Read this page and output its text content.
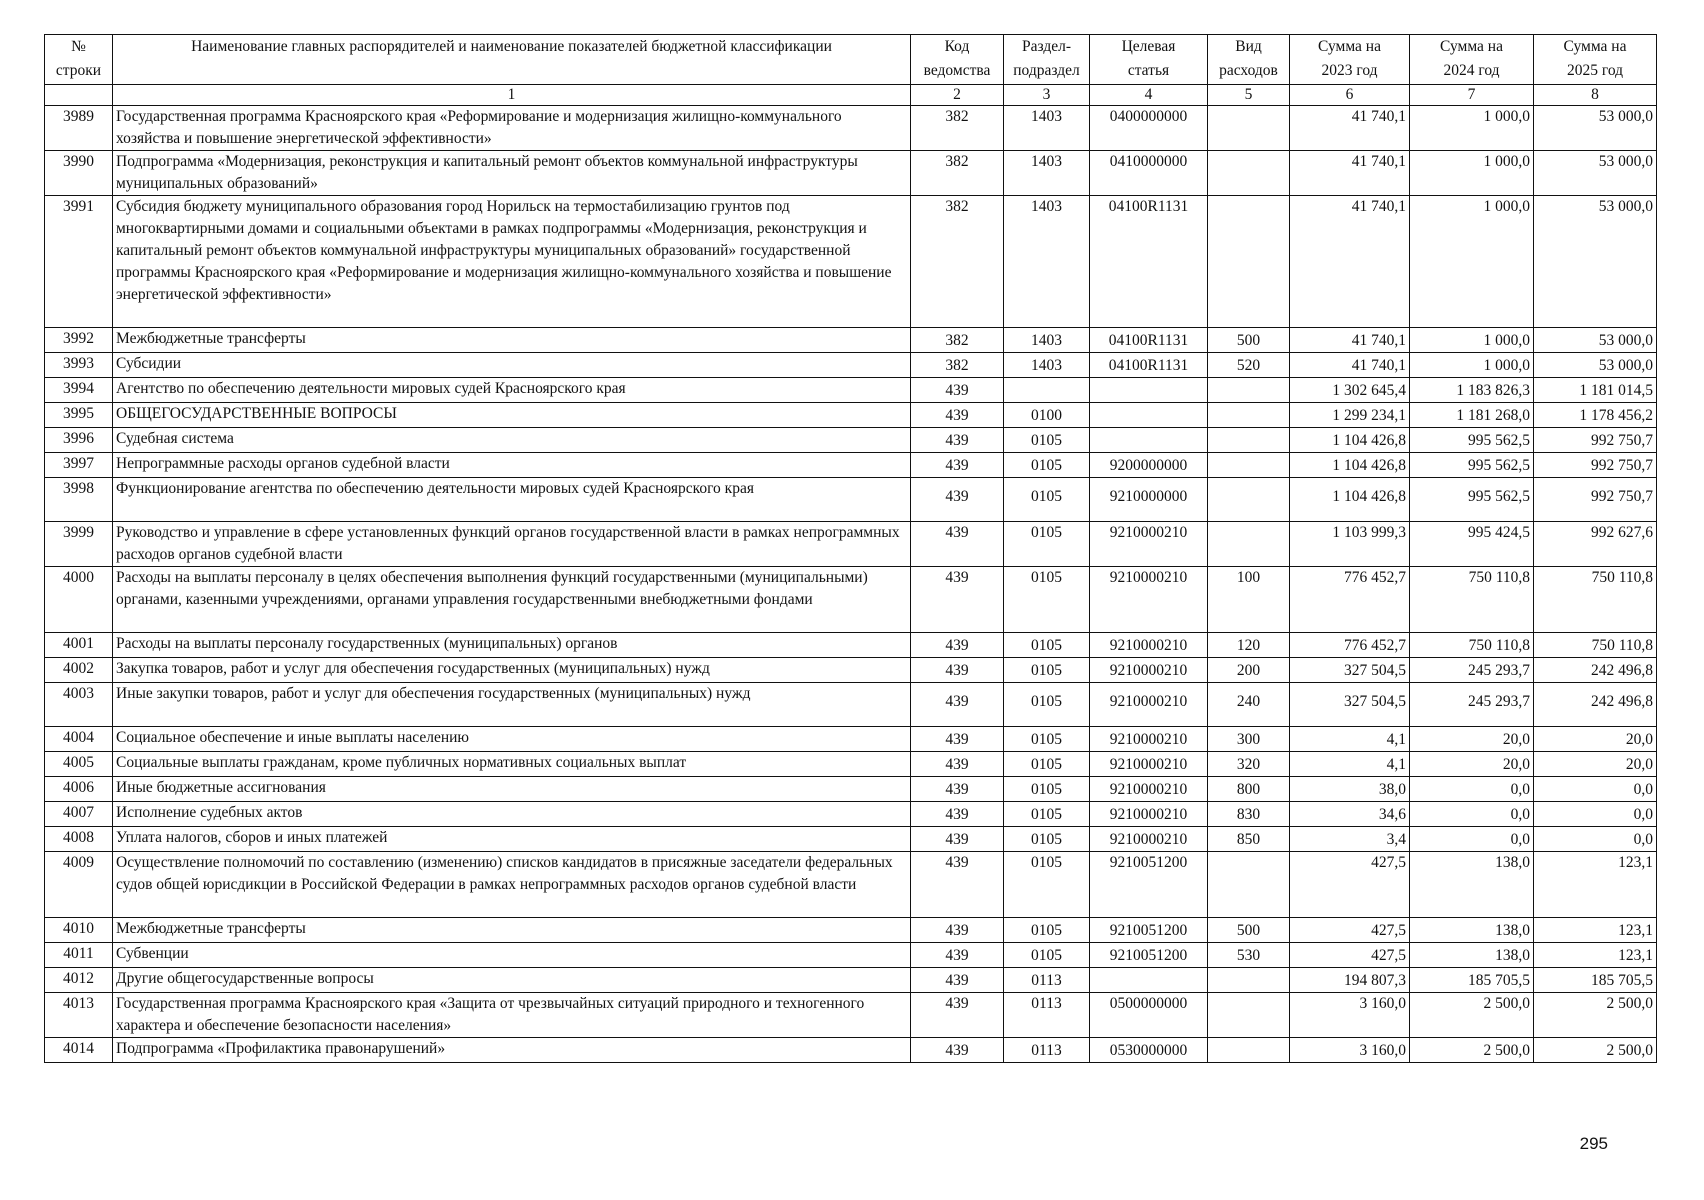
№ строки	Наименование главных распорядителей и наименование показателей бюджетной классификации	Код ведомства	Раздел-подраздел	Целевая статья	Вид расходов	Сумма на 2023 год	Сумма на 2024 год	Сумма на 2025 год
	1	2	3	4	5	6	7	8
3989	Государственная программа Красноярского края «Реформирование и модернизация жилищно-коммунального хозяйства и повышение энергетической эффективности»	382	1403	0400000000		41 740,1	1 000,0	53 000,0
3990	Подпрограмма «Модернизация, реконструкция и капитальный ремонт объектов коммунальной инфраструктуры муниципальных образований»	382	1403	0410000000		41 740,1	1 000,0	53 000,0
3991	Субсидия бюджету муниципального образования город Норильск на термостабилизацию грунтов под многоквартирными домами и социальными объектами в рамках подпрограммы «Модернизация, реконструкция и капитальный ремонт объектов коммунальной инфраструктуры муниципальных образований» государственной программы Красноярского края «Реформирование и модернизация жилищно-коммунального хозяйства и повышение энергетической эффективности»	382	1403	04100R1131		41 740,1	1 000,0	53 000,0
3992	Межбюджетные трансферты	382	1403	04100R1131	500	41 740,1	1 000,0	53 000,0
3993	Субсидии	382	1403	04100R1131	520	41 740,1	1 000,0	53 000,0
3994	Агентство по обеспечению деятельности мировых судей Красноярского края	439				1 302 645,4	1 183 826,3	1 181 014,5
3995	ОБЩЕГОСУДАРСТВЕННЫЕ ВОПРОСЫ	439	0100			1 299 234,1	1 181 268,0	1 178 456,2
3996	Судебная система	439	0105			1 104 426,8	995 562,5	992 750,7
3997	Непрограммные расходы органов судебной власти	439	0105	9200000000		1 104 426,8	995 562,5	992 750,7
3998	Функционирование агентства по обеспечению деятельности мировых судей Красноярского края	439	0105	9210000000		1 104 426,8	995 562,5	992 750,7
3999	Руководство и управление в сфере установленных функций органов государственной власти в рамках непрограммных расходов органов судебной власти	439	0105	9210000210		1 103 999,3	995 424,5	992 627,6
4000	Расходы на выплаты персоналу в целях обеспечения выполнения функций государственными (муниципальными) органами, казенными учреждениями, органами управления государственными внебюджетными фондами	439	0105	9210000210	100	776 452,7	750 110,8	750 110,8
4001	Расходы на выплаты персоналу государственных (муниципальных) органов	439	0105	9210000210	120	776 452,7	750 110,8	750 110,8
4002	Закупка товаров, работ и услуг для обеспечения государственных (муниципальных) нужд	439	0105	9210000210	200	327 504,5	245 293,7	242 496,8
4003	Иные закупки товаров, работ и услуг для обеспечения государственных (муниципальных) нужд	439	0105	9210000210	240	327 504,5	245 293,7	242 496,8
4004	Социальное обеспечение и иные выплаты населению	439	0105	9210000210	300	4,1	20,0	20,0
4005	Социальные выплаты гражданам, кроме публичных нормативных социальных выплат	439	0105	9210000210	320	4,1	20,0	20,0
4006	Иные бюджетные ассигнования	439	0105	9210000210	800	38,0	0,0	0,0
4007	Исполнение судебных актов	439	0105	9210000210	830	34,6	0,0	0,0
4008	Уплата налогов, сборов и иных платежей	439	0105	9210000210	850	3,4	0,0	0,0
4009	Осуществление полномочий по составлению (изменению) списков кандидатов в присяжные заседатели федеральных судов общей юрисдикции в Российской Федерации в рамках непрограммных расходов органов судебной власти	439	0105	9210051200		427,5	138,0	123,1
4010	Межбюджетные трансферты	439	0105	9210051200	500	427,5	138,0	123,1
4011	Субвенции	439	0105	9210051200	530	427,5	138,0	123,1
4012	Другие общегосударственные вопросы	439	0113			194 807,3	185 705,5	185 705,5
4013	Государственная программа Красноярского края «Защита от чрезвычайных ситуаций природного и техногенного характера и обеспечение безопасности населения»	439	0113	0500000000		3 160,0	2 500,0	2 500,0
4014	Подпрограмма «Профилактика правонарушений»	439	0113	0530000000		3 160,0	2 500,0	2 500,0
295
